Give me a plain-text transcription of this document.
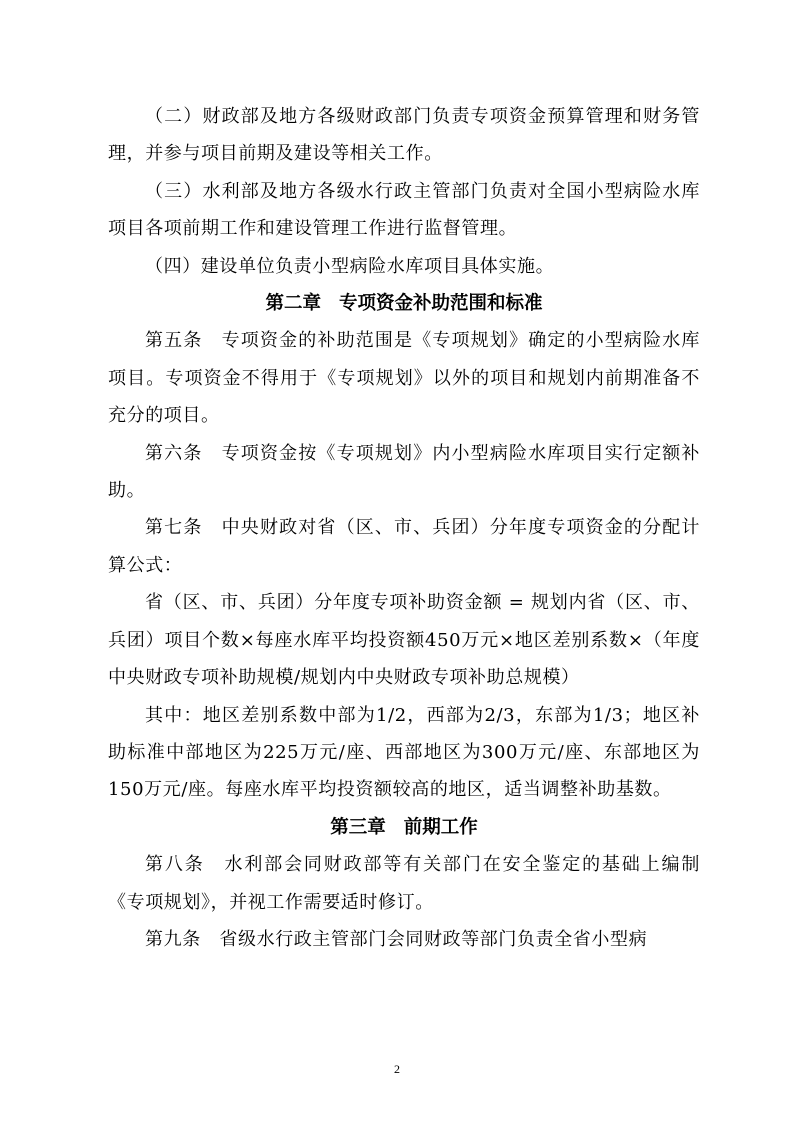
（二）财政部及地方各级财政部门负责专项资金预算管理和财务管理，并参与项目前期及建设等相关工作。

（三）水利部及地方各级水行政主管部门负责对全国小型病险水库项目各项前期工作和建设管理工作进行监督管理。

（四）建设单位负责小型病险水库项目具体实施。

第二章 专项资金补助范围和标准

第五条　专项资金的补助范围是《专项规划》确定的小型病险水库项目。专项资金不得用于《专项规划》以外的项目和规划内前期准备不充分的项目。

第六条　专项资金按《专项规划》内小型病险水库项目实行定额补助。

第七条　中央财政对省（区、市、兵团）分年度专项资金的分配计算公式：

省（区、市、兵团）分年度专项补助资金额 = 规划内省（区、市、兵团）项目个数×每座水库平均投资额450万元×地区差别系数×（年度中央财政专项补助规模/规划内中央财政专项补助总规模）

其中：地区差别系数中部为1/2，西部为2/3，东部为1/3；地区补助标准中部地区为225万元/座、西部地区为300万元/座、东部地区为150万元/座。每座水库平均投资额较高的地区，适当调整补助基数。

第三章 前期工作

第八条　水利部会同财政部等有关部门在安全鉴定的基础上编制《专项规划》，并视工作需要适时修订。

第九条　省级水行政主管部门会同财政等部门负责全省小型病

2
